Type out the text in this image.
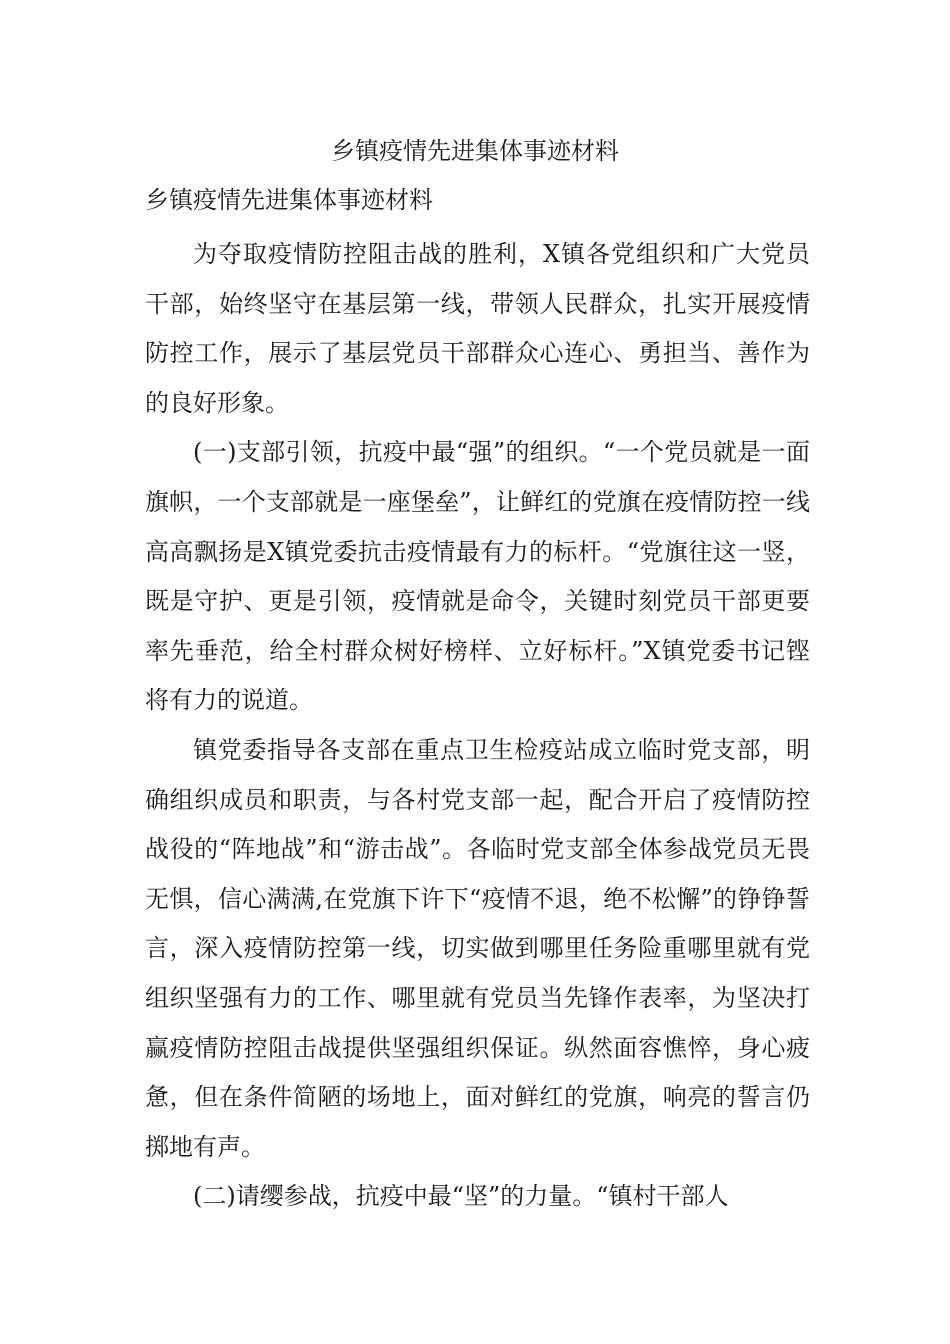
乡镇疫情先进集体事迹材料
乡镇疫情先进集体事迹材料

为夺取疫情防控阻击战的胜利，X镇各党组织和广大党员干部，始终坚守在基层第一线，带领人民群众，扎实开展疫情防控工作，展示了基层党员干部群众心连心、勇担当、善作为的良好形象。

(一)支部引领，抗疫中最“强”的组织。“一个党员就是一面旗帜，一个支部就是一座堡垒”，让鲜红的党旗在疫情防控一线高高飘扬是X镇党委抗击疫情最有力的标杆。“党旗往这一竖，既是守护、更是引领，疫情就是命令，关键时刻党员干部更要率先垂范，给全村群众树好榜样、立好标杆。”X镇党委书记铿将有力的说道。

镇党委指导各支部在重点卫生检疫站成立临时党支部，明确组织成员和职责，与各村党支部一起，配合开启了疫情防控战役的“阵地战”和“游击战”。各临时党支部全体参战党员无畏无惧，信心满满,在党旗下许下“疫情不退，绝不松懈”的铮铮誓言，深入疫情防控第一线，切实做到哪里任务险重哪里就有党组织坚强有力的工作、哪里就有党员当先锋作表率，为坚决打赢疫情防控阻击战提供坚强组织保证。纵然面容憔悴，身心疲惫，但在条件简陋的场地上，面对鲜红的党旗，响亮的誓言仍掷地有声。

(二)请缨参战，抗疫中最“坚”的力量。“镇村干部人
